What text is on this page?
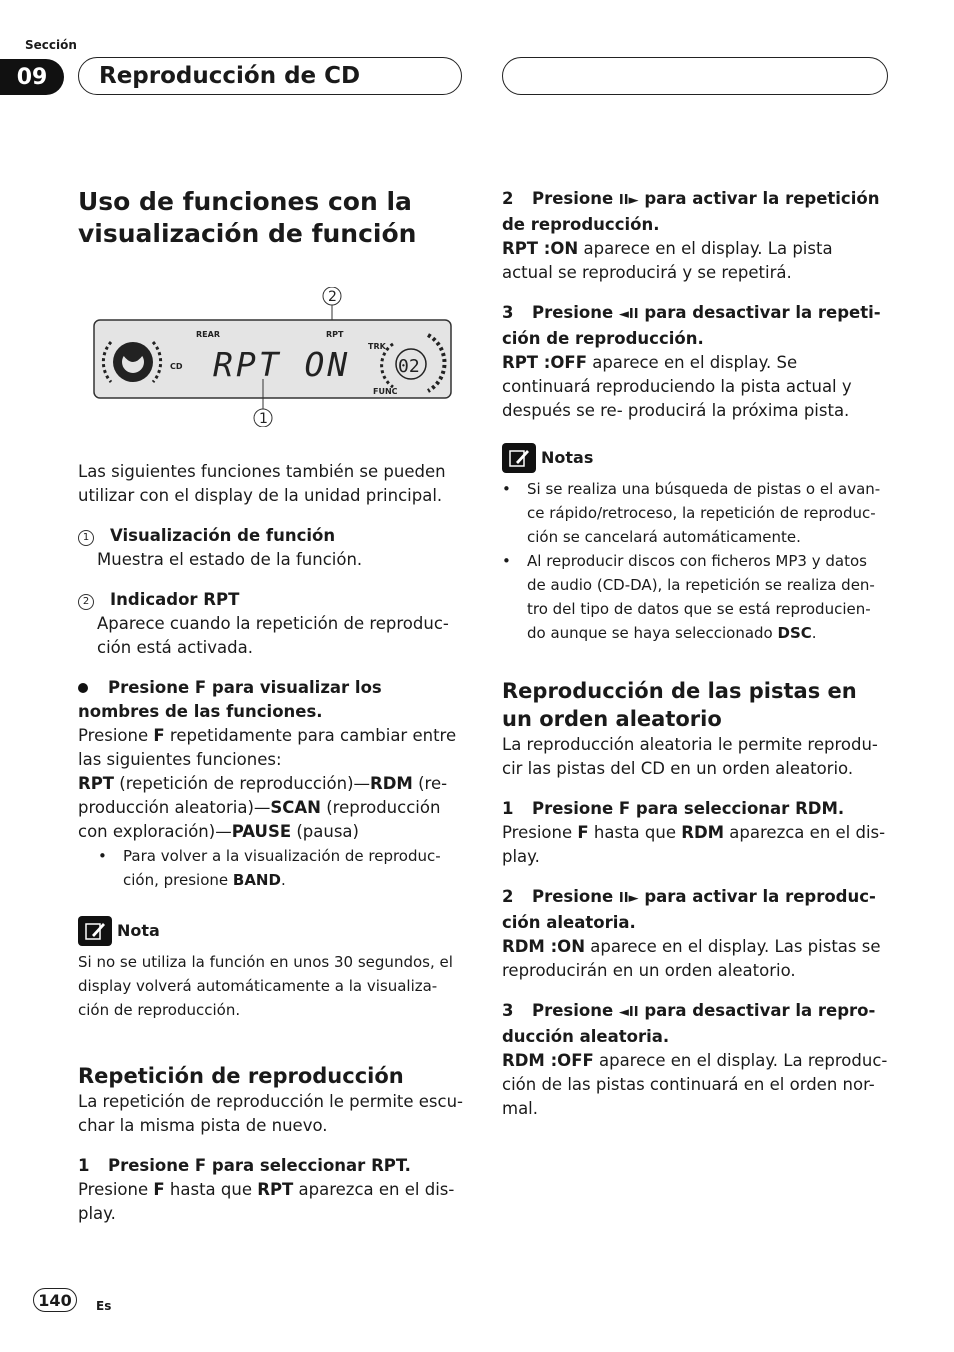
Sección
09	Reproducción de CD
Uso de funciones con la visualización de función
2
REAR	RPT
CD
TRK
FUNC
RPT ON	02
1

Las siguientes funciones también se pueden utilizar con el display de la unidad principal.

1 Visualización de función

Muestra el estado de la función.

2 Indicador RPT

Aparece cuando la repetición de reproduc- ción está activada.

Presione F para visualizar los nombres de las funciones.

Presione F repetidamente para cambiar entre las siguientes funciones:

RPT (repetición de reproducción)—RDM (re- producción aleatoria)—SCAN (reproducción con exploración)—PAUSE (pausa)

•	Para volver a la visualización de reproduc- ción, presione BAND.
Nota

Si no se utiliza la función en unos 30 segundos, el display volverá automáticamente a la visualiza- ción de reproducción.

Repetición de reproducción

La repetición de reproducción le permite escu- char la misma pista de nuevo.

1 Presione F para seleccionar RPT.

Presione F hasta que RPT aparezca en el dis- play.

2 Presione II► para activar la repetición de reproducción.

RPT :ON aparece en el display. La pista actual se reproducirá y se repetirá.

3 Presione ◄II para desactivar la repeti- ción de reproducción.

RPT :OFF aparece en el display. Se continuará reproduciendo la pista actual y después se re- producirá la próxima pista.

Notas
•	Si se realiza una búsqueda de pistas o el avan- ce rápido/retroceso, la repetición de reproduc- ción se cancelará automáticamente.
•	Al reproducir discos con ficheros MP3 y datos de audio (CD-DA), la repetición se realiza den- tro del tipo de datos que se está reproducien- do aunque se haya seleccionado DSC.
Reproducción de las pistas en un orden aleatorio

La reproducción aleatoria le permite reprodu- cir las pistas del CD en un orden aleatorio.

1 Presione F para seleccionar RDM.

Presione F hasta que RDM aparezca en el dis- play.

2 Presione II► para activar la reproduc- ción aleatoria.

RDM :ON aparece en el display. Las pistas se reproducirán en un orden aleatorio.

3 Presione ◄II para desactivar la repro- ducción aleatoria.

RDM :OFF aparece en el display. La reproduc- ción de las pistas continuará en el orden nor- mal.

140	Es
